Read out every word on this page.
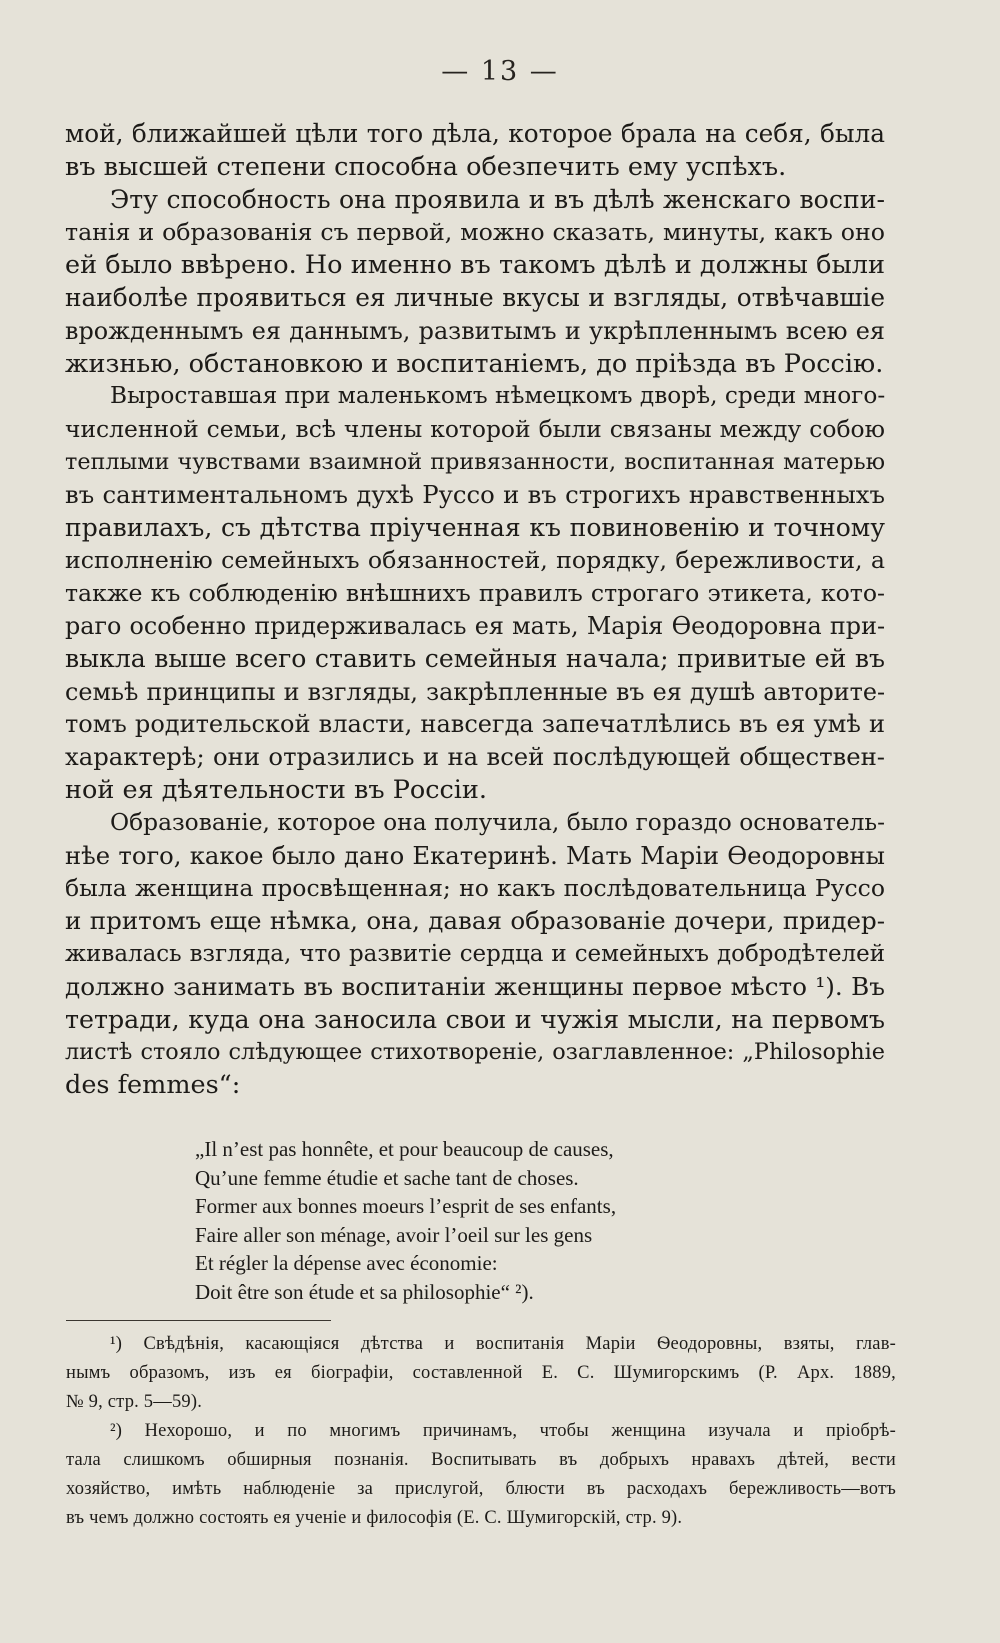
— 13 —

мой, ближайшей цѣли того дѣла, которое брала на себя, была
въ высшей степени способна обезпечить ему успѣхъ.

Эту способность она проявила и въ дѣлѣ женскаго воспи-
танія и образованія съ первой, можно сказать, минуты, какъ оно
ей было ввѣрено. Но именно въ такомъ дѣлѣ и должны были
наиболѣе проявиться ея личные вкусы и взгляды, отвѣчавшіе
врожденнымъ ея даннымъ, развитымъ и укрѣпленнымъ всею ея
жизнью, обстановкою и воспитаніемъ, до пріѣзда въ Россію.

Выроставшая при маленькомъ нѣмецкомъ дворѣ, среди много-
численной семьи, всѣ члены которой были связаны между собою
теплыми чувствами взаимной привязанности, воспитанная матерью
въ сантиментальномъ духѣ Руссо и въ строгихъ нравственныхъ
правилахъ, съ дѣтства пріученная къ повиновенію и точному
исполненію семейныхъ обязанностей, порядку, бережливости, а
также къ соблюденію внѣшнихъ правилъ строгаго этикета, кото-
раго особенно придерживалась ея мать, Марія Ѳеодоровна при-
выкла выше всего ставить семейныя начала; привитые ей въ
семьѣ принципы и взгляды, закрѣпленные въ ея душѣ авторите-
томъ родительской власти, навсегда запечатлѣлись въ ея умѣ и
характерѣ; они отразились и на всей послѣдующей обществен-
ной ея дѣятельности въ Россіи.

Образованіе, которое она получила, было гораздо основатель-
нѣе того, какое было дано Екатеринѣ. Мать Маріи Ѳеодоровны
была женщина просвѣщенная; но какъ послѣдовательница Руссо
и притомъ еще нѣмка, она, давая образованіе дочери, придер-
живалась взгляда, что развитіе сердца и семейныхъ добродѣтелей
должно занимать въ воспитаніи женщины первое мѣсто ¹). Въ
тетради, куда она заносила свои и чужія мысли, на первомъ
листѣ стояло слѣдующее стихотвореніе, озаглавленное: „Philosophie
des femmes“:

„Il n’est pas honnête, et pour beaucoup de causes,
Qu’une femme étudie et sache tant de choses.
Former aux bonnes moeurs l’esprit de ses enfants,
Faire aller son ménage, avoir l’oeil sur les gens
Et régler la dépense avec économie:
Doit être son étude et sa philosophie“ ²).

¹) Свѣдѣнія, касающіяся дѣтства и воспитанія Маріи Ѳеодоровны, взяты, глав-
нымъ образомъ, изъ ея біографіи, составленной Е. С. Шумигорскимъ (Р. Арх. 1889,
№ 9, стр. 5—59).

²) Нехорошо, и по многимъ причинамъ, чтобы женщина изучала и пріобрѣ-
тала слишкомъ обширныя познанія. Воспитывать въ добрыхъ нравахъ дѣтей, вести
хозяйство, имѣть наблюденіе за прислугой, блюсти въ расходахъ бережливость—вотъ
въ чемъ должно состоять ея ученіе и философія (Е. С. Шумигорскій, стр. 9).
